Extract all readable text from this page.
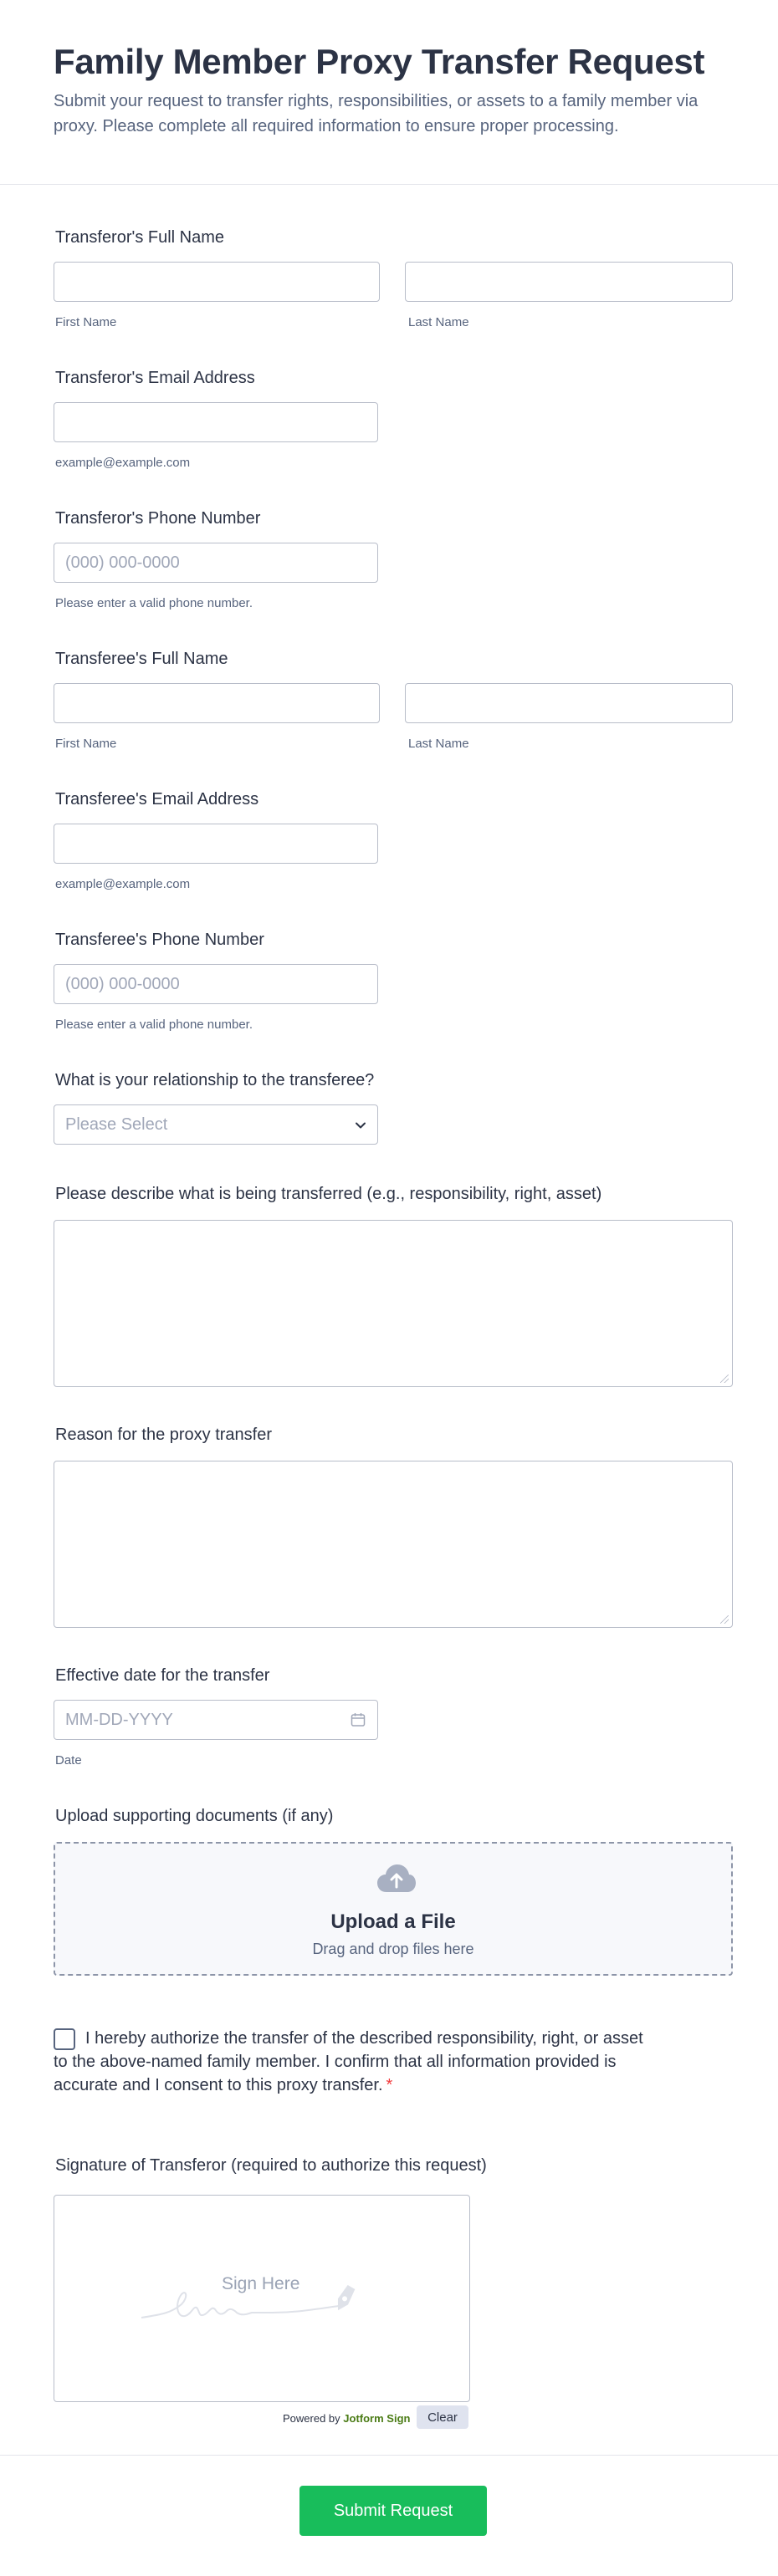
Family Member Proxy Transfer Request

Submit your request to transfer rights, responsibilities, or assets to a family member via proxy. Please complete all required information to ensure proper processing.

Transferor's Full Name
First Name	Last Name
Transferor's Email Address
example@example.com
Transferor's Phone Number
(000) 000-0000
Please enter a valid phone number.
Transferee's Full Name
First Name	Last Name
Transferee's Email Address
example@example.com
Transferee's Phone Number
(000) 000-0000
Please enter a valid phone number.
What is your relationship to the transferee?
Please Select
Please describe what is being transferred (e.g., responsibility, right, asset)
Reason for the proxy transfer
Effective date for the transfer
MM-DD-YYYY
Date
Upload supporting documents (if any)
Upload a File
Drag and drop files here
I hereby authorize the transfer of the described responsibility, right, or asset to the above-named family member. I confirm that all information provided is accurate and I consent to this proxy transfer. *
Signature of Transferor (required to authorize this request)
Sign Here
Powered by Jotform Sign	Clear
Submit Request
